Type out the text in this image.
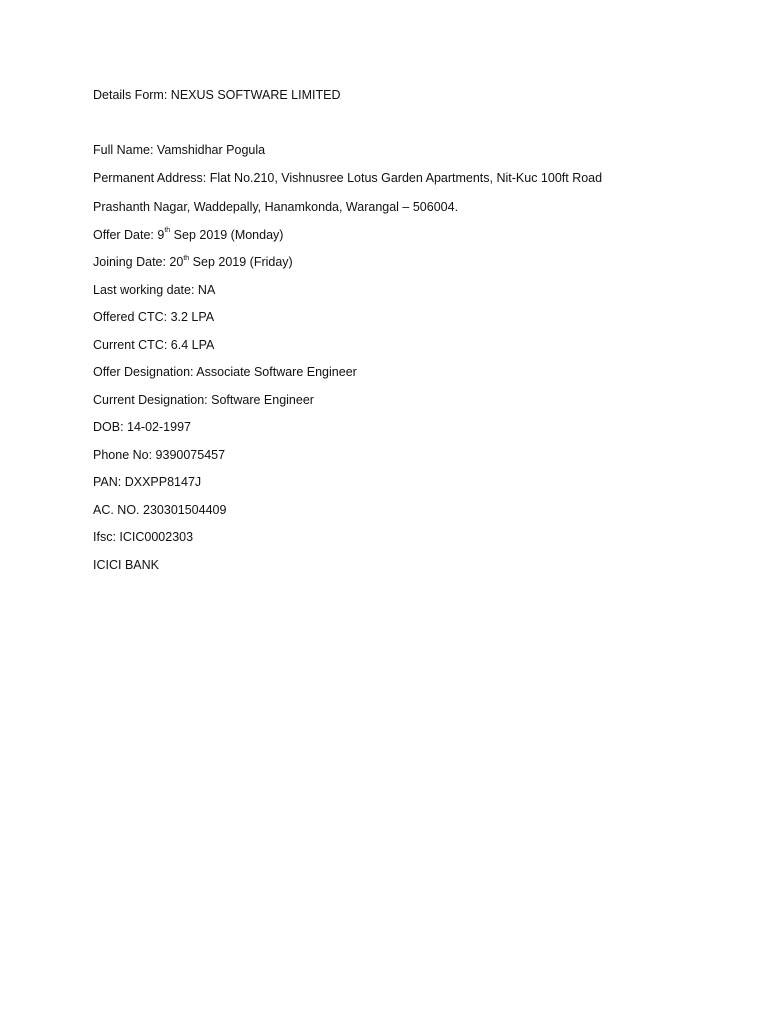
Details Form: NEXUS SOFTWARE LIMITED
Full Name: Vamshidhar Pogula
Permanent Address: Flat No.210, Vishnusree Lotus Garden Apartments, Nit-Kuc 100ft Road
Prashanth Nagar, Waddepally, Hanamkonda, Warangal – 506004.
Offer Date: 9th Sep 2019 (Monday)
Joining Date: 20th Sep 2019 (Friday)
Last working date: NA
Offered CTC: 3.2 LPA
Current CTC: 6.4 LPA
Offer Designation: Associate Software Engineer
Current Designation: Software Engineer
DOB: 14-02-1997
Phone No: 9390075457
PAN: DXXPP8147J
AC. NO. 230301504409
Ifsc: ICIC0002303
ICICI BANK
